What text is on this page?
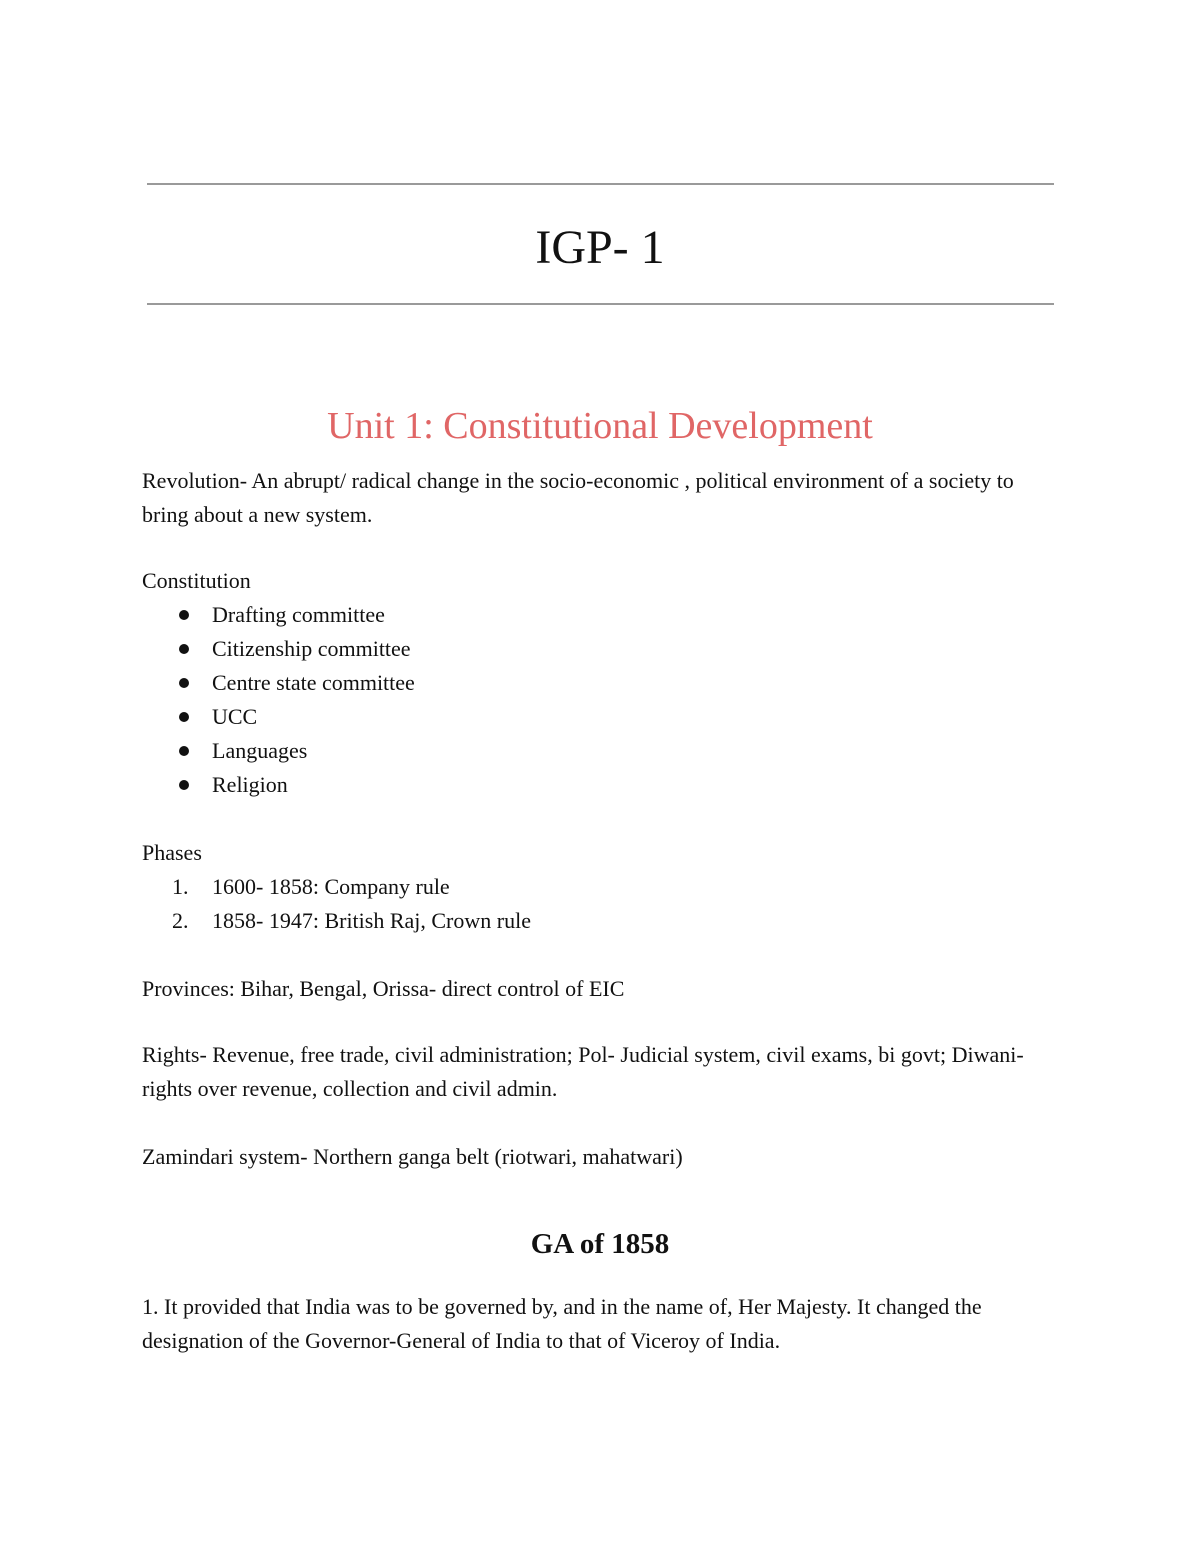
IGP- 1
Unit 1: Constitutional Development

Revolution- An abrupt/ radical change in the socio-economic , political environment of a society to bring about a new system.

Constitution

Drafting committee
Citizenship committee
Centre state committee
UCC
Languages
Religion

Phases

1.	1600- 1858: Company rule
2.	1858- 1947: British Raj, Crown rule

Provinces: Bihar, Bengal, Orissa- direct control of EIC

Rights- Revenue, free trade, civil administration; Pol- Judicial system, civil exams, bi govt; Diwani- rights over revenue, collection and civil admin.

Zamindari system- Northern ganga belt (riotwari, mahatwari)

GA of 1858

1. It provided that India was to be governed by, and in the name of, Her Majesty. It changed the designation of the Governor-General of India to that of Viceroy of India.
